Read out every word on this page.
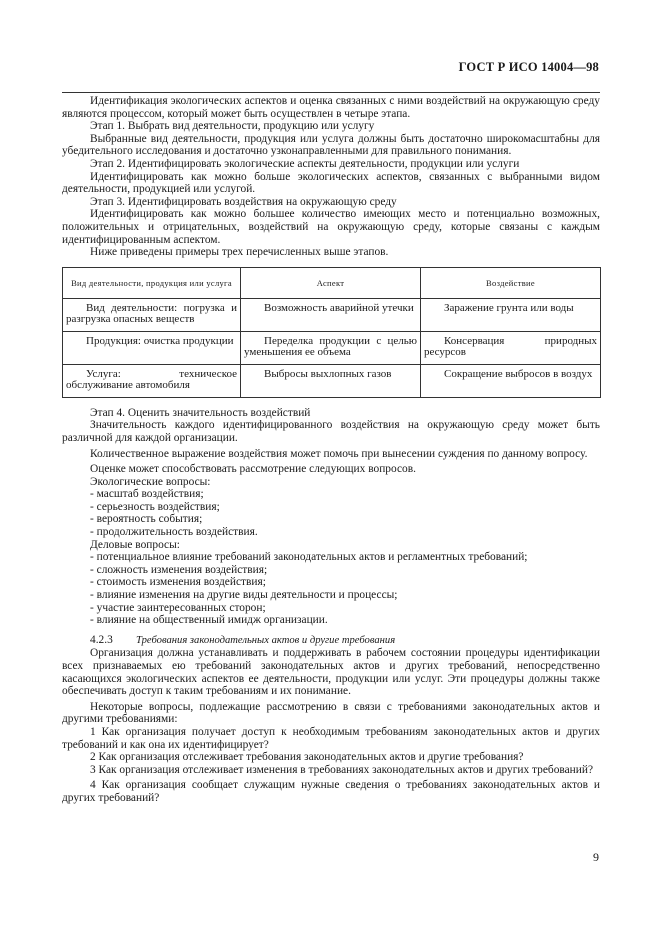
ГОСТ Р ИСО 14004—98

Идентификация экологических аспектов и оценка связанных с ними воздействий на окружающую среду являются процессом, который может быть осуществлен в четыре этапа.

Этап 1. Выбрать вид деятельности, продукцию или услугу

Выбранные вид деятельности, продукция или услуга должны быть достаточно широкомасштабны для убедительного исследования и достаточно узконаправленными для правильного понимания.

Этап 2. Идентифицировать экологические аспекты деятельности, продукции или услуги

Идентифицировать как можно больше экологических аспектов, связанных с выбранными видом деятельности, продукцией или услугой.

Этап 3. Идентифицировать воздействия на окружающую среду

Идентифицировать как можно большее количество имеющих место и потенциально возможных, положительных и отрицательных, воздействий на окружающую среду, которые связаны с каждым идентифицированным аспектом.

Ниже приведены примеры трех перечисленных выше этапов.

Вид деятельности, продукция или услуга	Аспект	Воздействие
Вид деятельности: погрузка и разгрузка опасных веществ	Возможность аварийной утечки	Заражение грунта или воды
Продукция: очистка продукции	Переделка продукции с целью уменьшения ее объема	Консервация природных ресурсов
Услуга: техническое обслуживание автомобиля	Выбросы выхлопных газов	Сокращение выбросов в воздух

Этап 4. Оценить значительность воздействий

Значительность каждого идентифицированного воздействия на окружающую среду может быть различной для каждой организации.

Количественное выражение воздействия может помочь при вынесении суждения по данному вопросу.

Оценке может способствовать рассмотрение следующих вопросов.

Экологические вопросы:

- масштаб воздействия;
- серьезность воздействия;
- вероятность события;
- продолжительность воздействия.

Деловые вопросы:

- потенциальное влияние требований законодательных актов и регламентных требований;
- сложность изменения воздействия;
- стоимость изменения воздействия;
- влияние изменения на другие виды деятельности и процессы;
- участие заинтересованных сторон;
- влияние на общественный имидж организации.

4.2.3 Требования законодательных актов и другие требования

Организация должна устанавливать и поддерживать в рабочем состоянии процедуры идентификации всех признаваемых ею требований законодательных актов и других требований, непосредственно касающихся экологических аспектов ее деятельности, продукции или услуг. Эти процедуры должны также обеспечивать доступ к таким требованиям и их понимание.

Некоторые вопросы, подлежащие рассмотрению в связи с требованиями законодательных актов и другими требованиями:

1 Как организация получает доступ к необходимым требованиям законодательных актов и других требований и как она их идентифицирует?

2 Как организация отслеживает требования законодательных актов и другие требования?

3 Как организация отслеживает изменения в требованиях законодательных актов и других требований?

4 Как организация сообщает служащим нужные сведения о требованиях законодательных актов и других требований?

9
